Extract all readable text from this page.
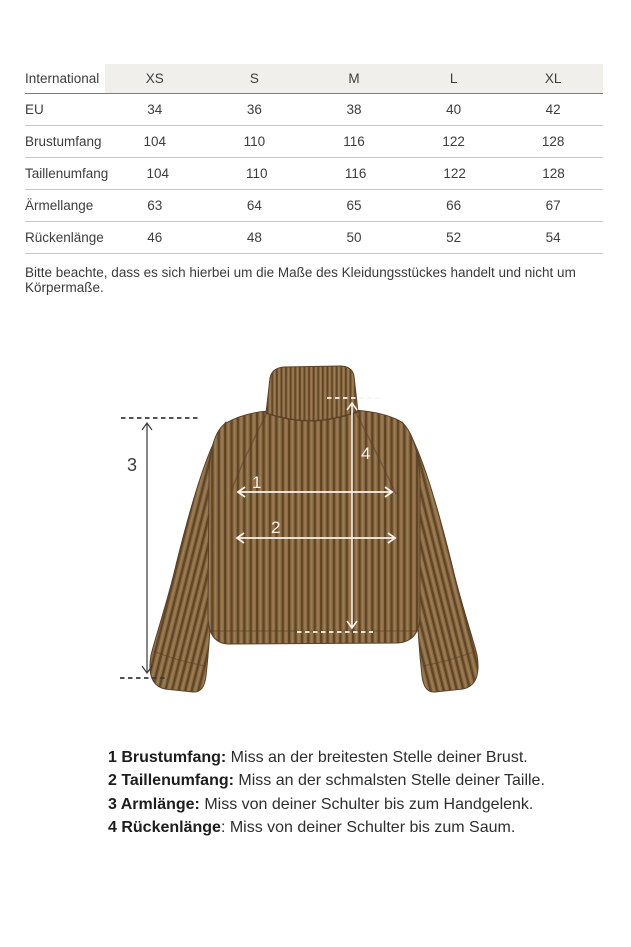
International	XS	S	M	L	XL
EU	34	36	38	40	42
Brustumfang	104	110	116	122	128
Taillenumfang	104	110	116	122	128
Ärmellange	63	64	65	66	67
Rückenlänge	46	48	50	52	54
Bitte beachte, dass es sich hierbei um die Maße des Kleidungsstückes handelt und nicht um Körpermaße.
3
1
2
4
1 Brustumfang: Miss an der breitesten Stelle deiner Brust.
2 Taillenumfang: Miss an der schmalsten Stelle deiner Taille.
3 Armlänge: Miss von deiner Schulter bis zum Handgelenk.
4 Rückenlänge: Miss von deiner Schulter bis zum Saum.
